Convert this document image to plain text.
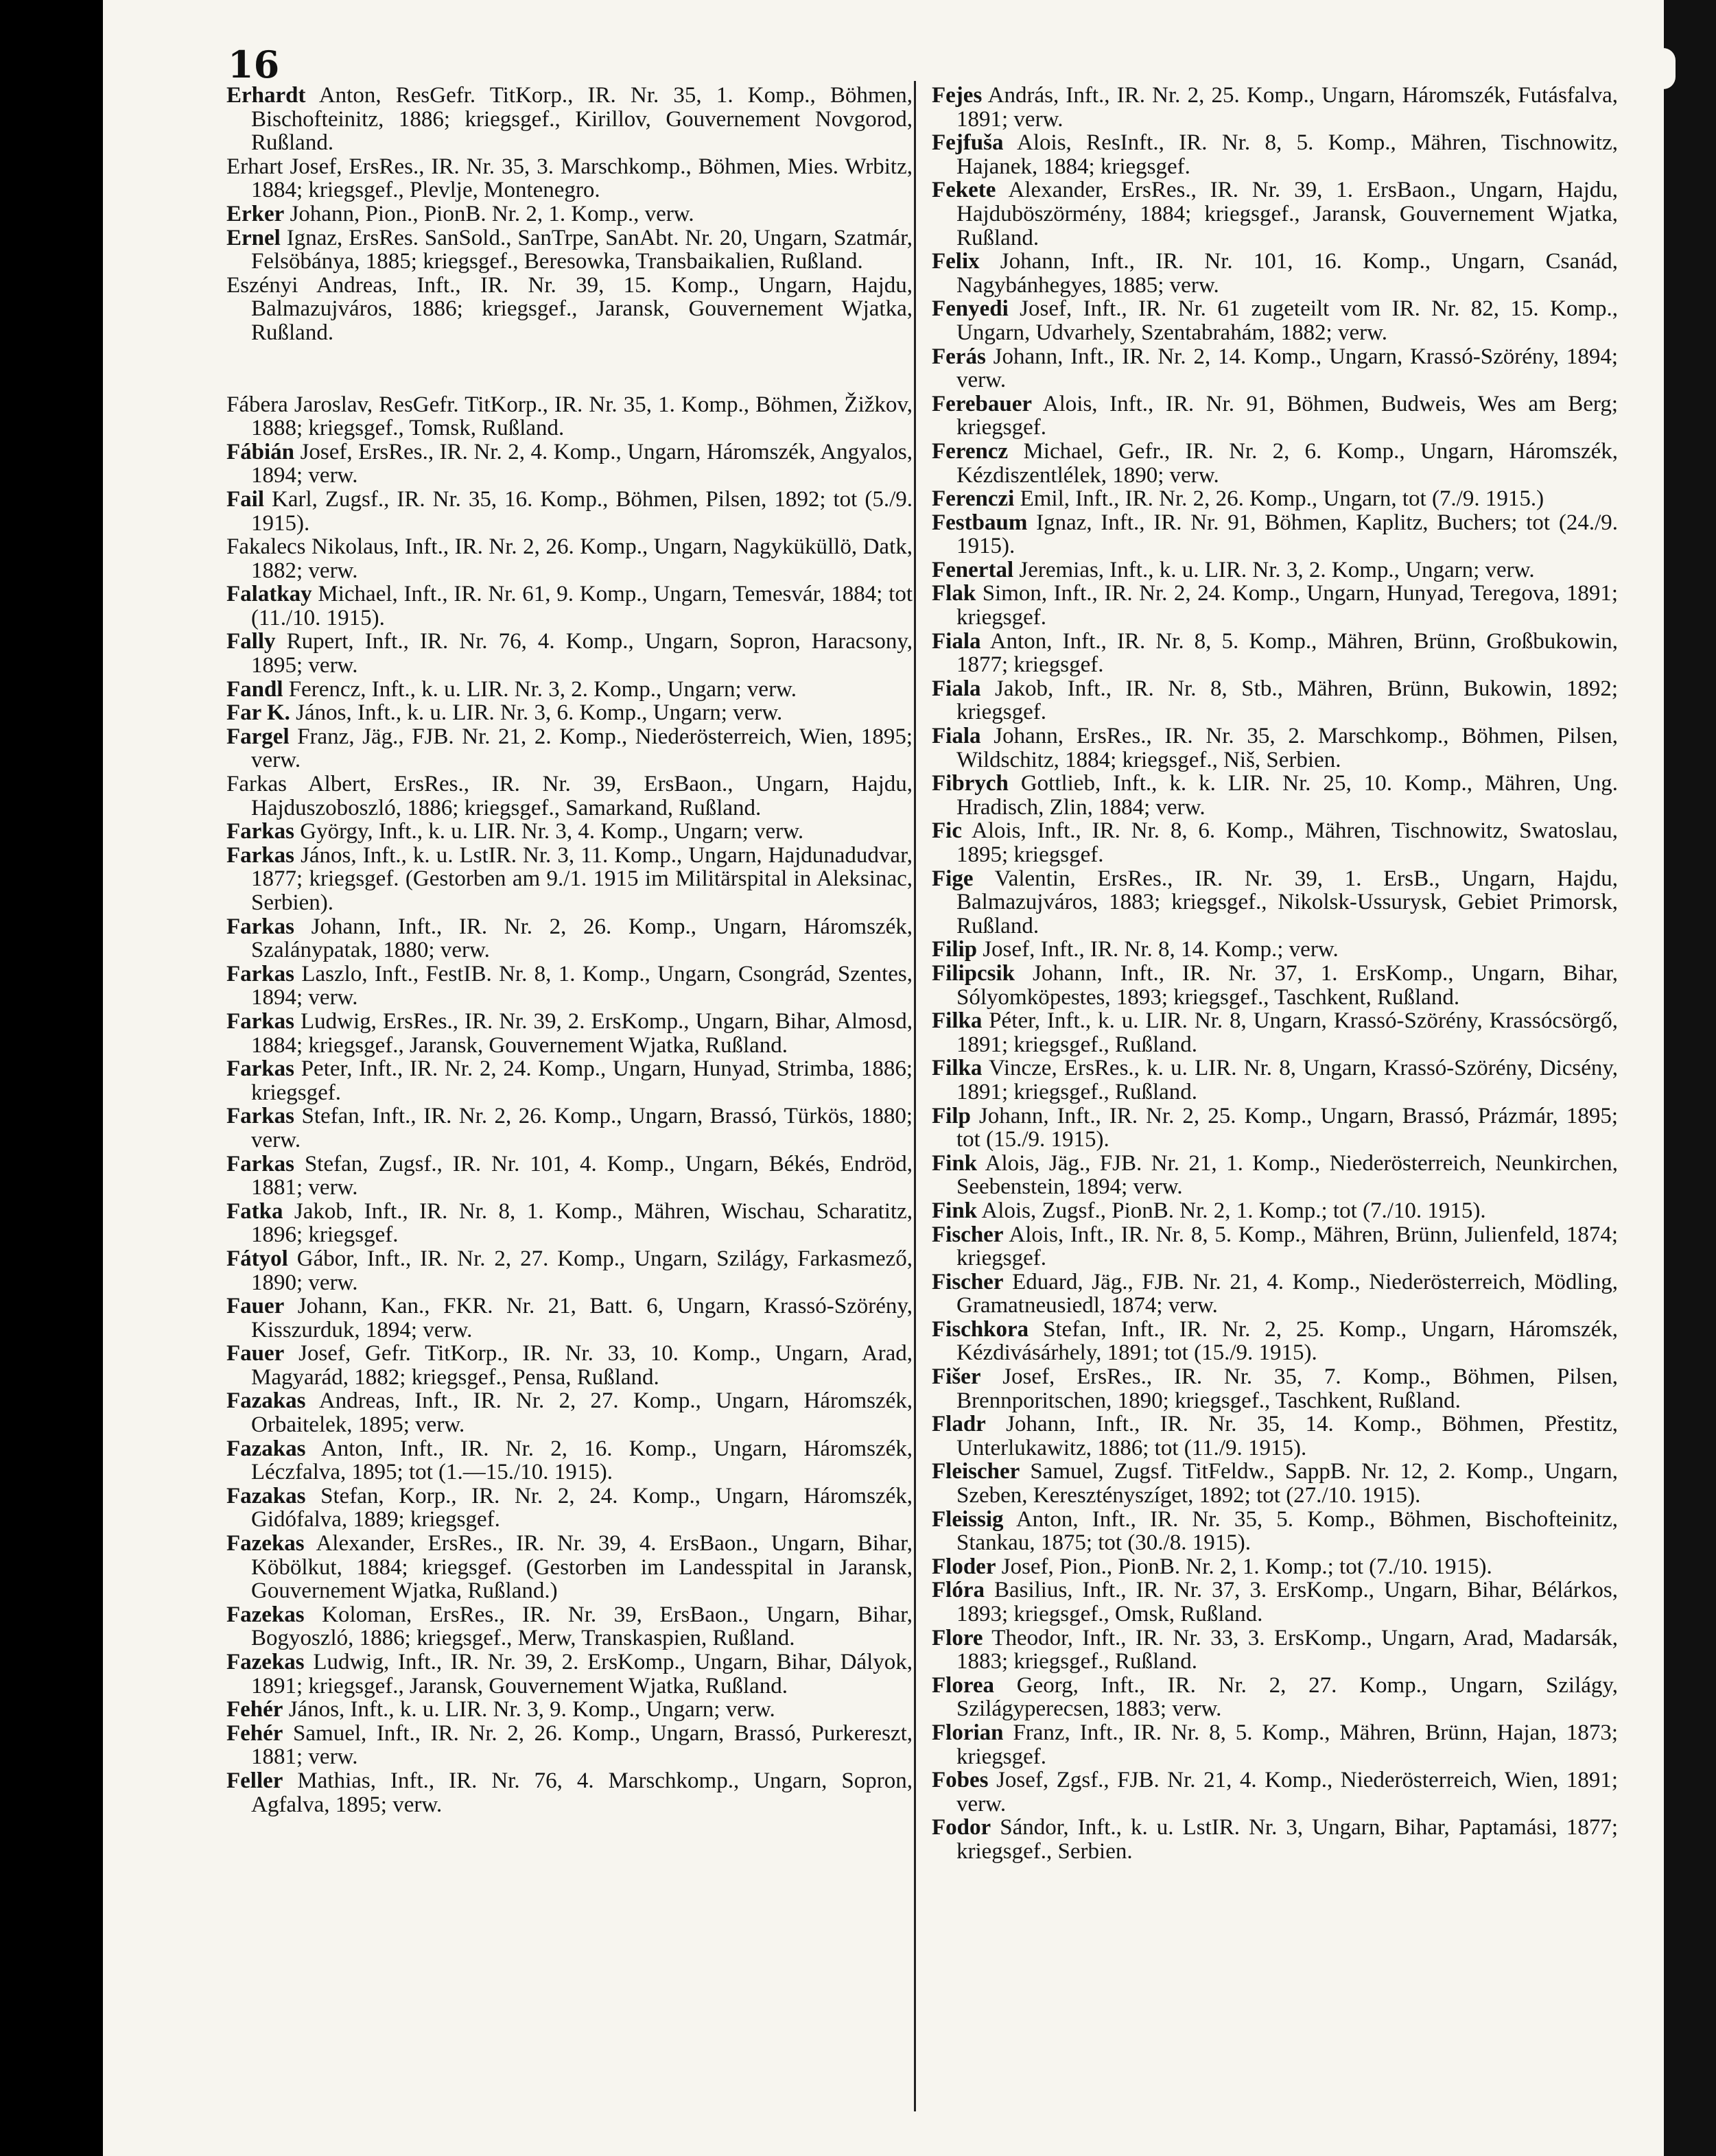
16

Erhardt Anton, ResGefr. TitKorp., IR. Nr. 35, 1. Komp., Böhmen, Bischofteinitz, 1886; kriegsgef., Kirillov, Gouvernement Novgorod, Rußland.

Erhart Josef, ErsRes., IR. Nr. 35, 3. Marschkomp., Böhmen, Mies. Wrbitz, 1884; kriegsgef., Plevlje, Montenegro.

Erker Johann, Pion., PionB. Nr. 2, 1. Komp., verw.

Ernel Ignaz, ErsRes. SanSold., SanTrpe, SanAbt. Nr. 20, Ungarn, Szatmár, Felsöbánya, 1885; kriegsgef., Beresowka, Transbaikalien, Rußland.

Eszényi Andreas, Inft., IR. Nr. 39, 15. Komp., Ungarn, Hajdu, Balmazujváros, 1886; kriegsgef., Jaransk, Gouvernement Wjatka, Rußland.

Fábera Jaroslav, ResGefr. TitKorp., IR. Nr. 35, 1. Komp., Böhmen, Žižkov, 1888; kriegsgef., Tomsk, Rußland.

Fábián Josef, ErsRes., IR. Nr. 2, 4. Komp., Ungarn, Háromszék, Angyalos, 1894; verw.

Fail Karl, Zugsf., IR. Nr. 35, 16. Komp., Böhmen, Pilsen, 1892; tot (5./9. 1915).

Fakalecs Nikolaus, Inft., IR. Nr. 2, 26. Komp., Ungarn, Nagyküküllö, Datk, 1882; verw.

Falatkay Michael, Inft., IR. Nr. 61, 9. Komp., Ungarn, Temesvár, 1884; tot (11./10. 1915).

Fally Rupert, Inft., IR. Nr. 76, 4. Komp., Ungarn, Sopron, Haracsony, 1895; verw.

Fandl Ferencz, Inft., k. u. LIR. Nr. 3, 2. Komp., Ungarn; verw.

Far K. János, Inft., k. u. LIR. Nr. 3, 6. Komp., Ungarn; verw.

Fargel Franz, Jäg., FJB. Nr. 21, 2. Komp., Niederösterreich, Wien, 1895; verw.

Farkas Albert, ErsRes., IR. Nr. 39, ErsBaon., Ungarn, Hajdu, Hajduszoboszló, 1886; kriegsgef., Samarkand, Rußland.

Farkas György, Inft., k. u. LIR. Nr. 3, 4. Komp., Ungarn; verw.

Farkas János, Inft., k. u. LstIR. Nr. 3, 11. Komp., Ungarn, Hajdunadudvar, 1877; kriegsgef. (Gestorben am 9./1. 1915 im Militärspital in Aleksinac, Serbien).

Farkas Johann, Inft., IR. Nr. 2, 26. Komp., Ungarn, Háromszék, Szalánypatak, 1880; verw.

Farkas Laszlo, Inft., FestIB. Nr. 8, 1. Komp., Ungarn, Csongrád, Szentes, 1894; verw.

Farkas Ludwig, ErsRes., IR. Nr. 39, 2. ErsKomp., Ungarn, Bihar, Almosd, 1884; kriegsgef., Jaransk, Gouvernement Wjatka, Rußland.

Farkas Peter, Inft., IR. Nr. 2, 24. Komp., Ungarn, Hunyad, Strimba, 1886; kriegsgef.

Farkas Stefan, Inft., IR. Nr. 2, 26. Komp., Ungarn, Brassó, Türkös, 1880; verw.

Farkas Stefan, Zugsf., IR. Nr. 101, 4. Komp., Ungarn, Békés, Endröd, 1881; verw.

Fatka Jakob, Inft., IR. Nr. 8, 1. Komp., Mähren, Wischau, Scharatitz, 1896; kriegsgef.

Fátyol Gábor, Inft., IR. Nr. 2, 27. Komp., Ungarn, Szilágy, Farkasmező, 1890; verw.

Fauer Johann, Kan., FKR. Nr. 21, Batt. 6, Ungarn, Krassó-Szörény, Kisszurduk, 1894; verw.

Fauer Josef, Gefr. TitKorp., IR. Nr. 33, 10. Komp., Ungarn, Arad, Magyarád, 1882; kriegsgef., Pensa, Rußland.

Fazakas Andreas, Inft., IR. Nr. 2, 27. Komp., Ungarn, Háromszék, Orbaitelek, 1895; verw.

Fazakas Anton, Inft., IR. Nr. 2, 16. Komp., Ungarn, Háromszék, Léczfalva, 1895; tot (1.—15./10. 1915).

Fazakas Stefan, Korp., IR. Nr. 2, 24. Komp., Ungarn, Háromszék, Gidófalva, 1889; kriegsgef.

Fazekas Alexander, ErsRes., IR. Nr. 39, 4. ErsBaon., Ungarn, Bihar, Köbölkut, 1884; kriegsgef. (Gestorben im Landesspital in Jaransk, Gouvernement Wjatka, Rußland.)

Fazekas Koloman, ErsRes., IR. Nr. 39, ErsBaon., Ungarn, Bihar, Bogyoszló, 1886; kriegsgef., Merw, Transkaspien, Rußland.

Fazekas Ludwig, Inft., IR. Nr. 39, 2. ErsKomp., Ungarn, Bihar, Dályok, 1891; kriegsgef., Jaransk, Gouvernement Wjatka, Rußland.

Fehér János, Inft., k. u. LIR. Nr. 3, 9. Komp., Ungarn; verw.

Fehér Samuel, Inft., IR. Nr. 2, 26. Komp., Ungarn, Brassó, Purkereszt, 1881; verw.

Feller Mathias, Inft., IR. Nr. 76, 4. Marschkomp., Ungarn, Sopron, Agfalva, 1895; verw.

Fejes András, Inft., IR. Nr. 2, 25. Komp., Ungarn, Háromszék, Futásfalva, 1891; verw.

Fejfuša Alois, ResInft., IR. Nr. 8, 5. Komp., Mähren, Tischnowitz, Hajanek, 1884; kriegsgef.

Fekete Alexander, ErsRes., IR. Nr. 39, 1. ErsBaon., Ungarn, Hajdu, Hajduböszörmény, 1884; kriegsgef., Jaransk, Gouvernement Wjatka, Rußland.

Felix Johann, Inft., IR. Nr. 101, 16. Komp., Ungarn, Csanád, Nagybánhegyes, 1885; verw.

Fenyedi Josef, Inft., IR. Nr. 61 zugeteilt vom IR. Nr. 82, 15. Komp., Ungarn, Udvarhely, Szentabrahám, 1882; verw.

Ferás Johann, Inft., IR. Nr. 2, 14. Komp., Ungarn, Krassó-Szörény, 1894; verw.

Ferebauer Alois, Inft., IR. Nr. 91, Böhmen, Budweis, Wes am Berg; kriegsgef.

Ferencz Michael, Gefr., IR. Nr. 2, 6. Komp., Ungarn, Háromszék, Kézdiszentlélek, 1890; verw.

Ferenczi Emil, Inft., IR. Nr. 2, 26. Komp., Ungarn, tot (7./9. 1915.)

Festbaum Ignaz, Inft., IR. Nr. 91, Böhmen, Kaplitz, Buchers; tot (24./9. 1915).

Fenertal Jeremias, Inft., k. u. LIR. Nr. 3, 2. Komp., Ungarn; verw.

Flak Simon, Inft., IR. Nr. 2, 24. Komp., Ungarn, Hunyad, Teregova, 1891; kriegsgef.

Fiala Anton, Inft., IR. Nr. 8, 5. Komp., Mähren, Brünn, Großbukowin, 1877; kriegsgef.

Fiala Jakob, Inft., IR. Nr. 8, Stb., Mähren, Brünn, Bukowin, 1892; kriegsgef.

Fiala Johann, ErsRes., IR. Nr. 35, 2. Marschkomp., Böhmen, Pilsen, Wildschitz, 1884; kriegsgef., Niš, Serbien.

Fibrych Gottlieb, Inft., k. k. LIR. Nr. 25, 10. Komp., Mähren, Ung. Hradisch, Zlin, 1884; verw.

Fic Alois, Inft., IR. Nr. 8, 6. Komp., Mähren, Tischnowitz, Swatoslau, 1895; kriegsgef.

Fige Valentin, ErsRes., IR. Nr. 39, 1. ErsB., Ungarn, Hajdu, Balmazujváros, 1883; kriegsgef., Nikolsk-Ussurysk, Gebiet Primorsk, Rußland.

Filip Josef, Inft., IR. Nr. 8, 14. Komp.; verw.

Filipcsik Johann, Inft., IR. Nr. 37, 1. ErsKomp., Ungarn, Bihar, Sólyomköpestes, 1893; kriegsgef., Taschkent, Rußland.

Filka Péter, Inft., k. u. LIR. Nr. 8, Ungarn, Krassó-Szörény, Krassócsörgő, 1891; kriegsgef., Rußland.

Filka Vincze, ErsRes., k. u. LIR. Nr. 8, Ungarn, Krassó-Szörény, Dicsény, 1891; kriegsgef., Rußland.

Filp Johann, Inft., IR. Nr. 2, 25. Komp., Ungarn, Brassó, Prázmár, 1895; tot (15./9. 1915).

Fink Alois, Jäg., FJB. Nr. 21, 1. Komp., Niederösterreich, Neunkirchen, Seebenstein, 1894; verw.

Fink Alois, Zugsf., PionB. Nr. 2, 1. Komp.; tot (7./10. 1915).

Fischer Alois, Inft., IR. Nr. 8, 5. Komp., Mähren, Brünn, Julienfeld, 1874; kriegsgef.

Fischer Eduard, Jäg., FJB. Nr. 21, 4. Komp., Niederösterreich, Mödling, Gramatneusiedl, 1874; verw.

Fischkora Stefan, Inft., IR. Nr. 2, 25. Komp., Ungarn, Háromszék, Kézdivásárhely, 1891; tot (15./9. 1915).

Fišer Josef, ErsRes., IR. Nr. 35, 7. Komp., Böhmen, Pilsen, Brennporitschen, 1890; kriegsgef., Taschkent, Rußland.

Fladr Johann, Inft., IR. Nr. 35, 14. Komp., Böhmen, Přestitz, Unterlukawitz, 1886; tot (11./9. 1915).

Fleischer Samuel, Zugsf. TitFeldw., SappB. Nr. 12, 2. Komp., Ungarn, Szeben, Keresztényszíget, 1892; tot (27./10. 1915).

Fleissig Anton, Inft., IR. Nr. 35, 5. Komp., Böhmen, Bischofteinitz, Stankau, 1875; tot (30./8. 1915).

Floder Josef, Pion., PionB. Nr. 2, 1. Komp.; tot (7./10. 1915).

Flóra Basilius, Inft., IR. Nr. 37, 3. ErsKomp., Ungarn, Bihar, Bélárkos, 1893; kriegsgef., Omsk, Rußland.

Flore Theodor, Inft., IR. Nr. 33, 3. ErsKomp., Ungarn, Arad, Madarsák, 1883; kriegsgef., Rußland.

Florea Georg, Inft., IR. Nr. 2, 27. Komp., Ungarn, Szilágy, Szilágyperecsen, 1883; verw.

Florian Franz, Inft., IR. Nr. 8, 5. Komp., Mähren, Brünn, Hajan, 1873; kriegsgef.

Fobes Josef, Zgsf., FJB. Nr. 21, 4. Komp., Niederösterreich, Wien, 1891; verw.

Fodor Sándor, Inft., k. u. LstIR. Nr. 3, Ungarn, Bihar, Paptamási, 1877; kriegsgef., Serbien.
